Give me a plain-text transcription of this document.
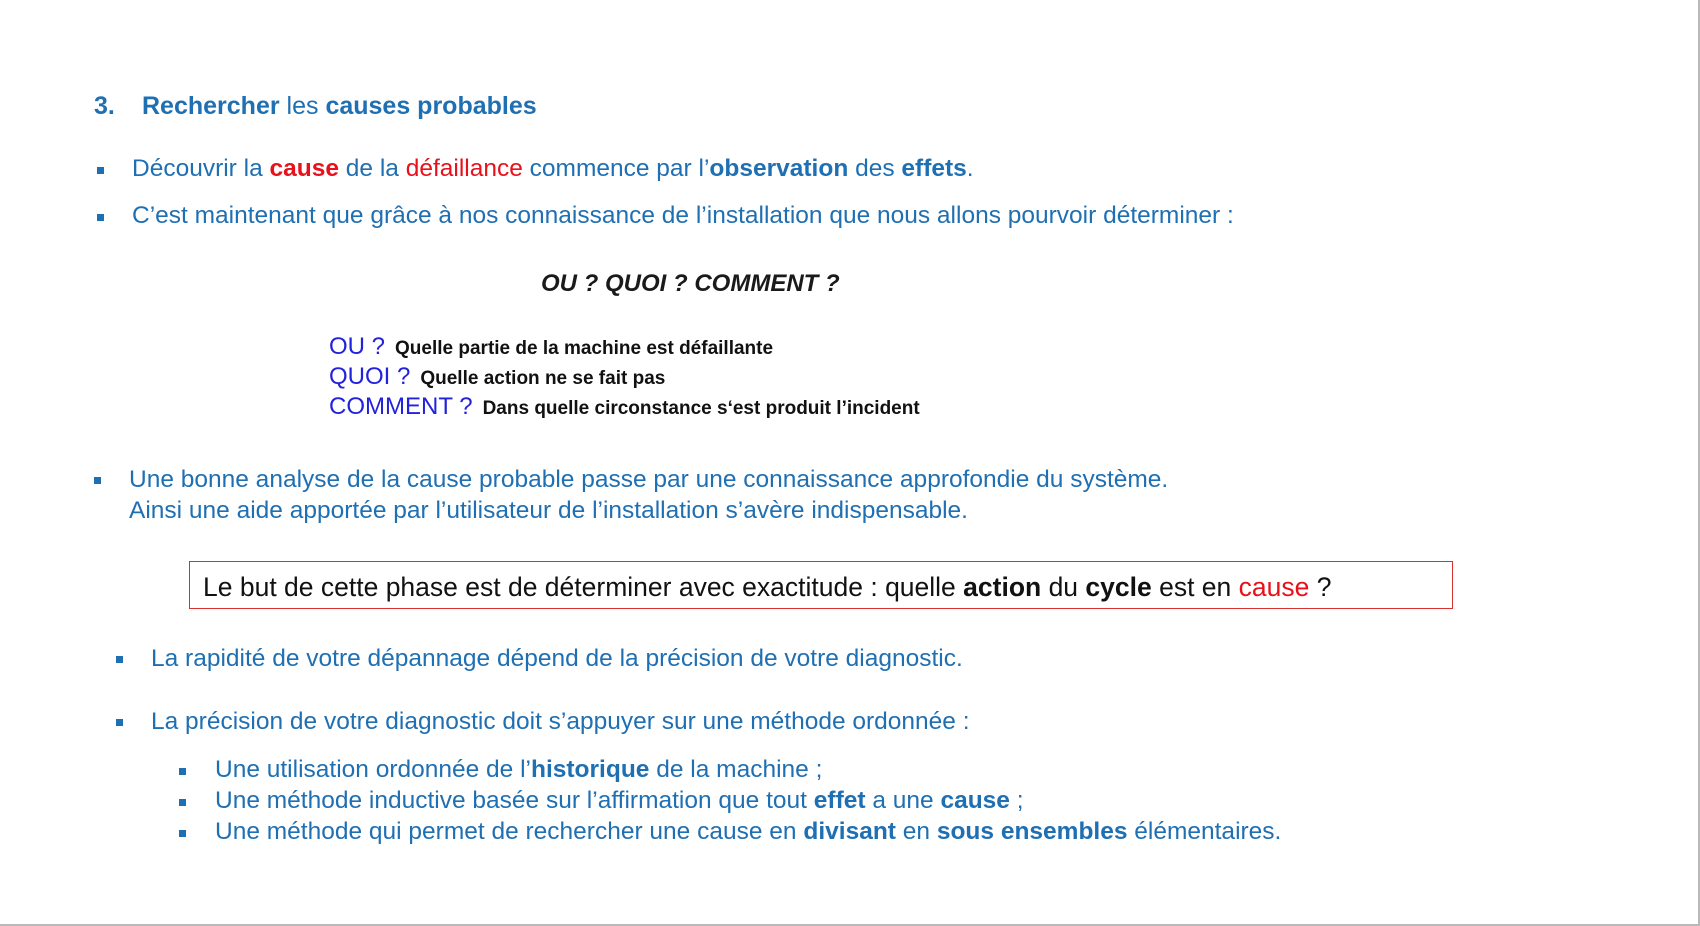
3. Rechercher les causes probables
Découvrir la cause de la défaillance commence par l’observation des effets.
C’est maintenant que grâce à nos connaissance de l’installation que nous allons pourvoir déterminer :
OU ? QUOI ? COMMENT ?
OU ? Quelle partie de la machine est défaillante
QUOI ? Quelle action ne se fait pas
COMMENT ? Dans quelle circonstance s‘est produit l’incident
Une bonne analyse de la cause probable passe par une connaissance approfondie du système.
Ainsi une aide apportée par l’utilisateur de l’installation s’avère indispensable.
Le but de cette phase est de déterminer avec exactitude : quelle action du cycle est en cause ?
La rapidité de votre dépannage dépend de la précision de votre diagnostic.
La précision de votre diagnostic doit s’appuyer sur une méthode ordonnée :
Une utilisation ordonnée de l’historique de la machine ;
Une méthode inductive basée sur l’affirmation que tout effet a une cause ;
Une méthode qui permet de rechercher une cause en divisant en sous ensembles élémentaires.
